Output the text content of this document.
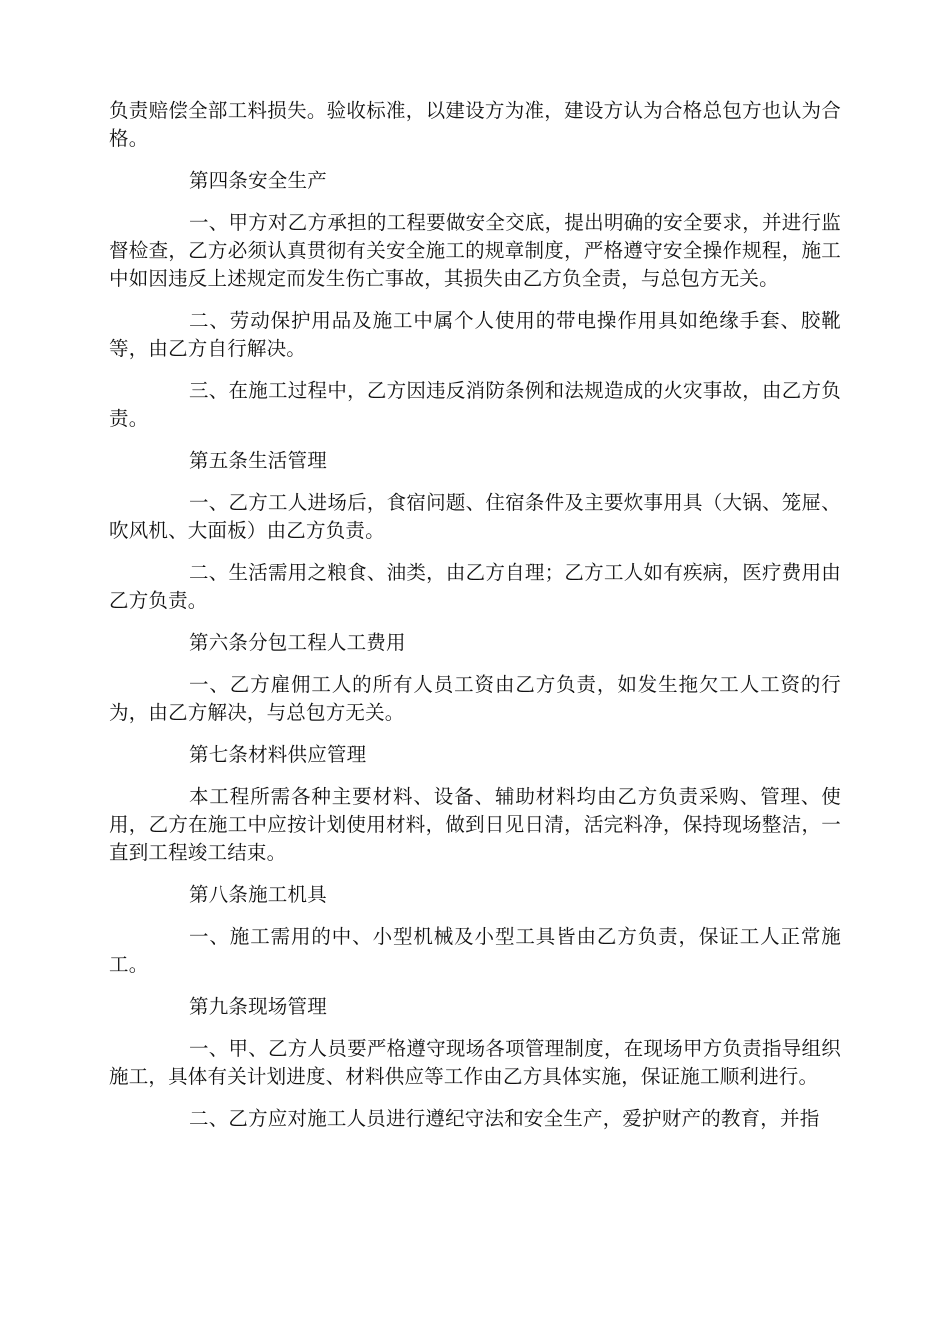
负责赔偿全部工料损失。验收标准，以建设方为准，建设方认为合格总包方也认为合格。

第四条安全生产

一、甲方对乙方承担的工程要做安全交底，提出明确的安全要求，并进行监督检查，乙方必须认真贯彻有关安全施工的规章制度，严格遵守安全操作规程，施工中如因违反上述规定而发生伤亡事故，其损失由乙方负全责，与总包方无关。

二、劳动保护用品及施工中属个人使用的带电操作用具如绝缘手套、胶靴等，由乙方自行解决。

三、在施工过程中，乙方因违反消防条例和法规造成的火灾事故，由乙方负责。

第五条生活管理

一、乙方工人进场后，食宿问题、住宿条件及主要炊事用具（大锅、笼屉、吹风机、大面板）由乙方负责。

二、生活需用之粮食、油类，由乙方自理；乙方工人如有疾病，医疗费用由乙方负责。

第六条分包工程人工费用

一、乙方雇佣工人的所有人员工资由乙方负责，如发生拖欠工人工资的行为，由乙方解决，与总包方无关。

第七条材料供应管理

本工程所需各种主要材料、设备、辅助材料均由乙方负责采购、管理、使用，乙方在施工中应按计划使用材料，做到日见日清，活完料净，保持现场整洁，一直到工程竣工结束。

第八条施工机具

一、施工需用的中、小型机械及小型工具皆由乙方负责，保证工人正常施工。

第九条现场管理

一、甲、乙方人员要严格遵守现场各项管理制度，在现场甲方负责指导组织施工，具体有关计划进度、材料供应等工作由乙方具体实施，保证施工顺利进行。

二、乙方应对施工人员进行遵纪守法和安全生产，爱护财产的教育，并指
